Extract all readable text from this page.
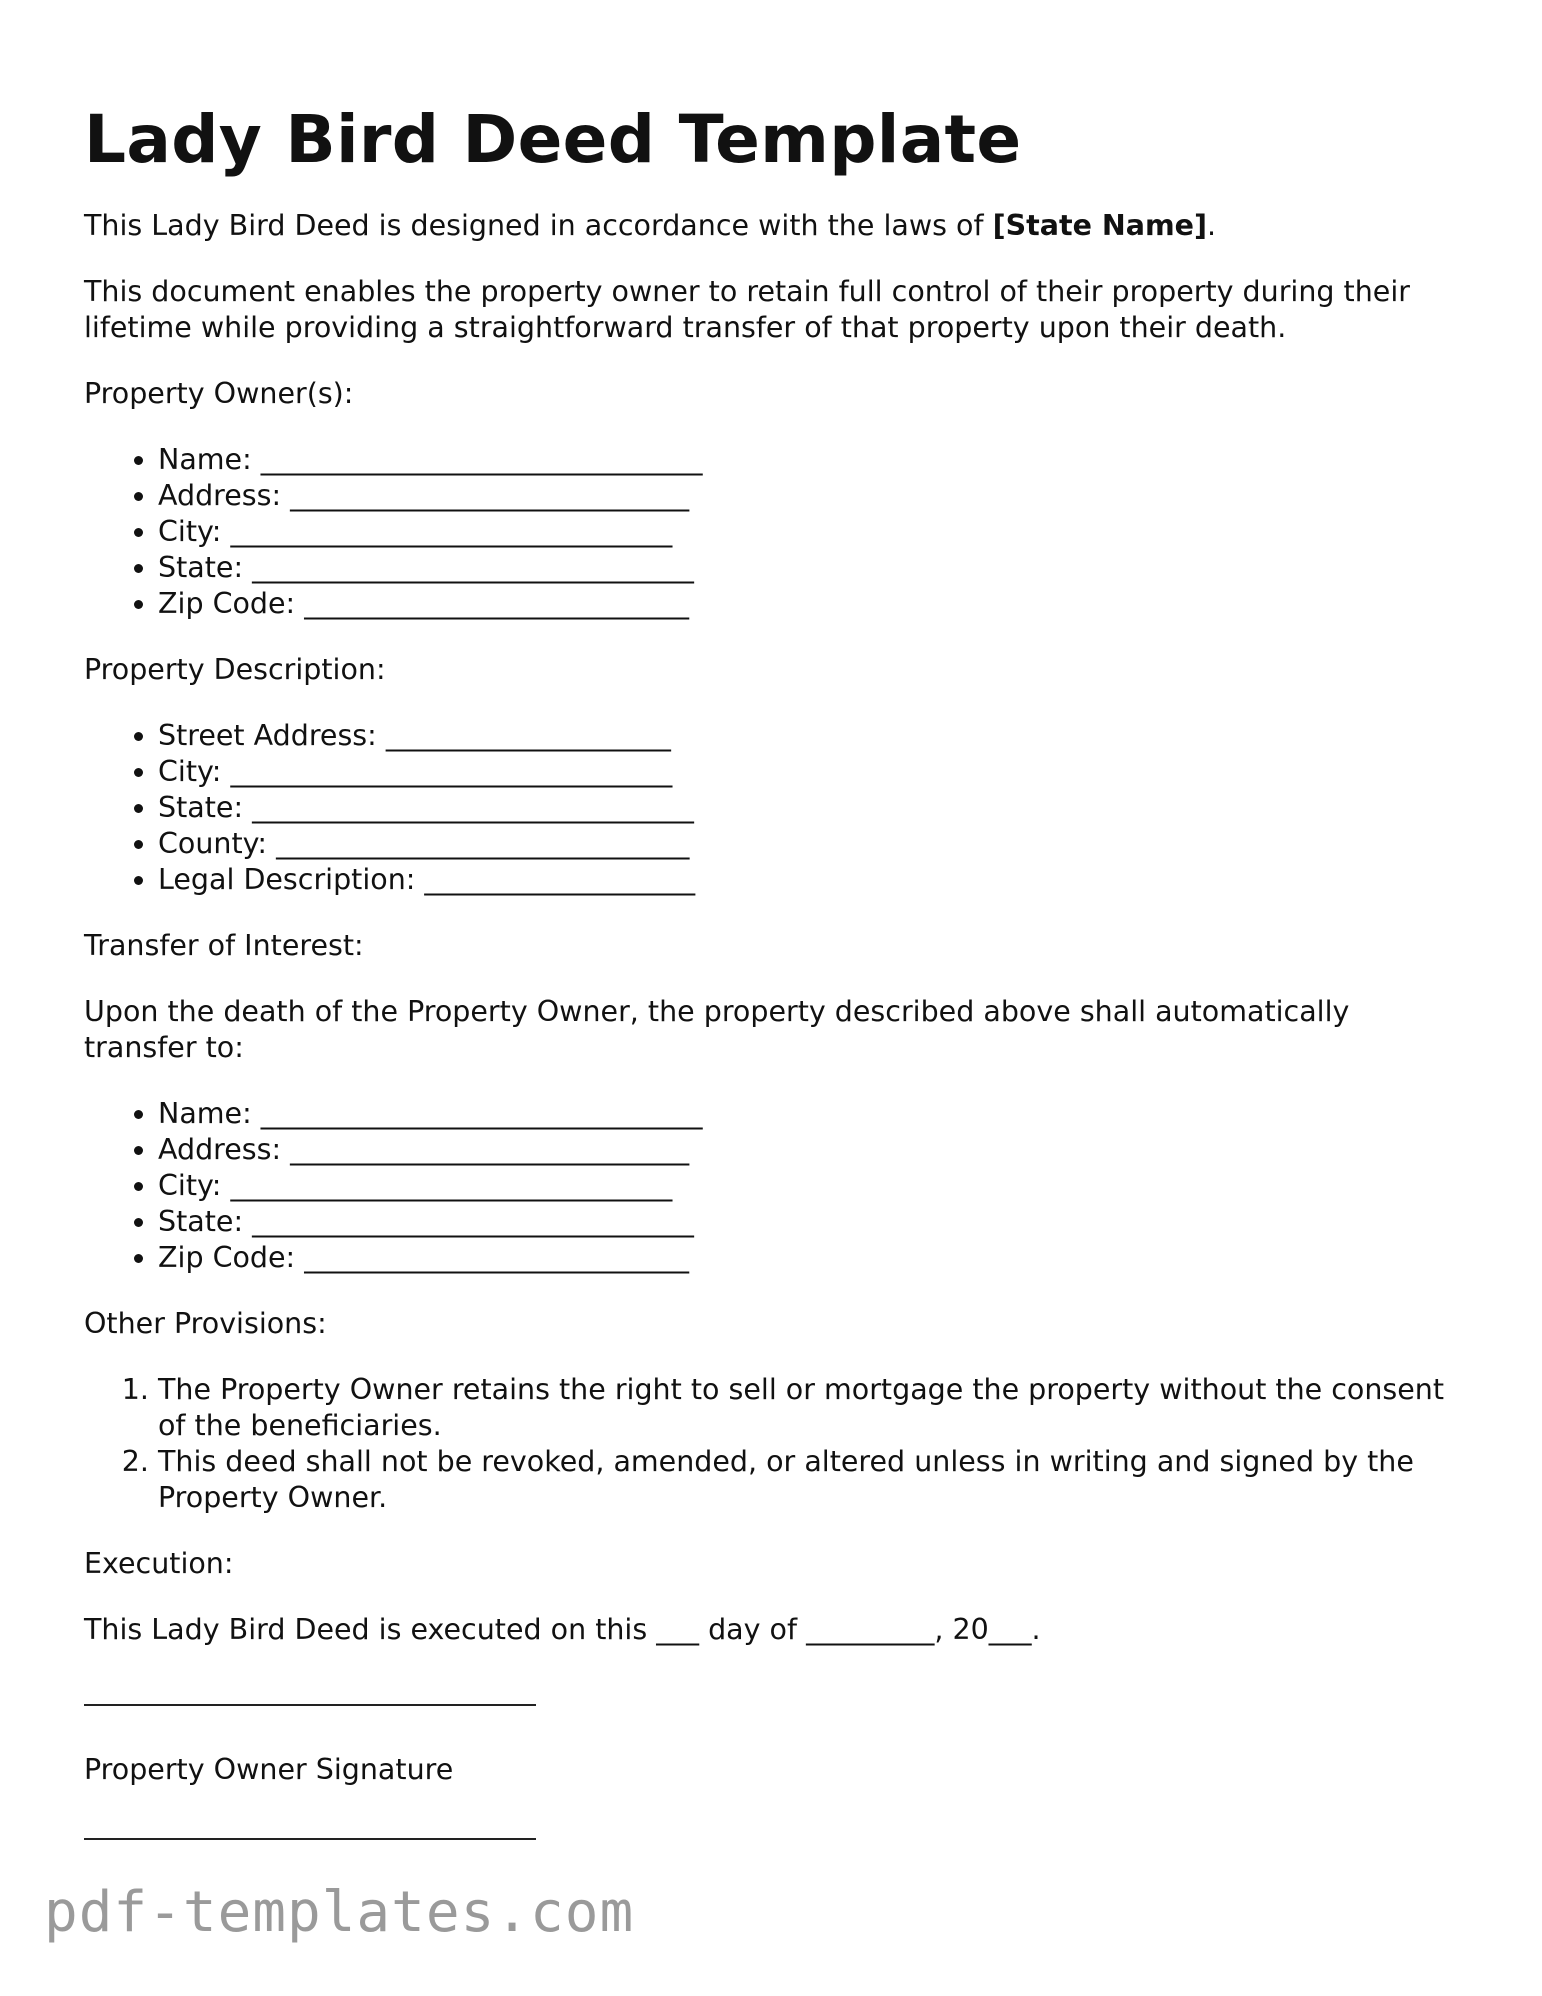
Lady Bird Deed Template

This Lady Bird Deed is designed in accordance with the laws of [State Name].

This document enables the property owner to retain full control of their property during their lifetime while providing a straightforward transfer of that property upon their death.

Property Owner(s):

• Name: _______________________________
• Address: ____________________________
• City: _______________________________
• State: _______________________________
• Zip Code: ___________________________

Property Description:

• Street Address: ____________________
• City: _______________________________
• State: _______________________________
• County: _____________________________
• Legal Description: ___________________

Transfer of Interest:

Upon the death of the Property Owner, the property described above shall automatically transfer to:

• Name: _______________________________
• Address: ____________________________
• City: _______________________________
• State: _______________________________
• Zip Code: ___________________________

Other Provisions:

1. The Property Owner retains the right to sell or mortgage the property without the consent of the beneficiaries.
2. This deed shall not be revoked, amended, or altered unless in writing and signed by the Property Owner.

Execution:

This Lady Bird Deed is executed on this ___ day of _________, 20___.

Property Owner Signature

pdf-templates.com
